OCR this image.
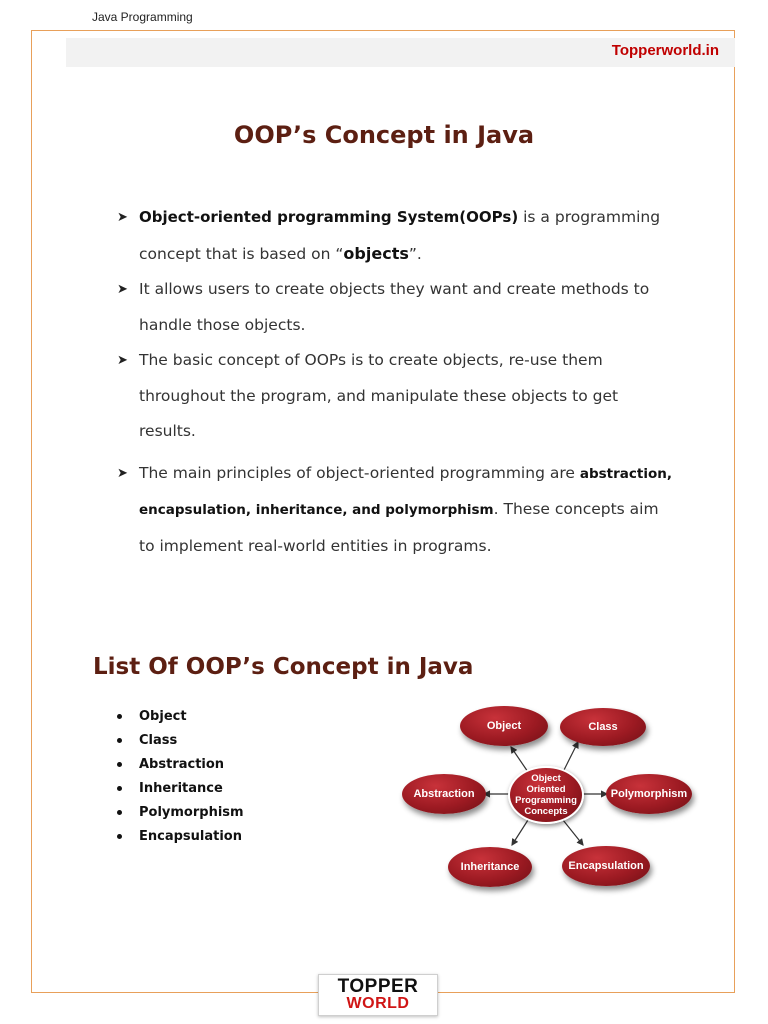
Java Programming
Topperworld.in
OOP’s Concept in Java
➤ Object-oriented programming System(OOPs) is a programming concept that is based on “objects”.
➤ It allows users to create objects they want and create methods to handle those objects.
➤ The basic concept of OOPs is to create objects, re-use them throughout the program, and manipulate these objects to get results.
➤ The main principles of object-oriented programming are abstraction, encapsulation, inheritance, and polymorphism. These concepts aim to implement real-world entities in programs.
List Of OOP’s Concept in Java
Object
Class
Abstraction
Inheritance
Polymorphism
Encapsulation
Object	Class
Abstraction	Polymorphism
Inheritance	Encapsulation
Object
Oriented
Programming
Concepts
TOPPER
WORLD
